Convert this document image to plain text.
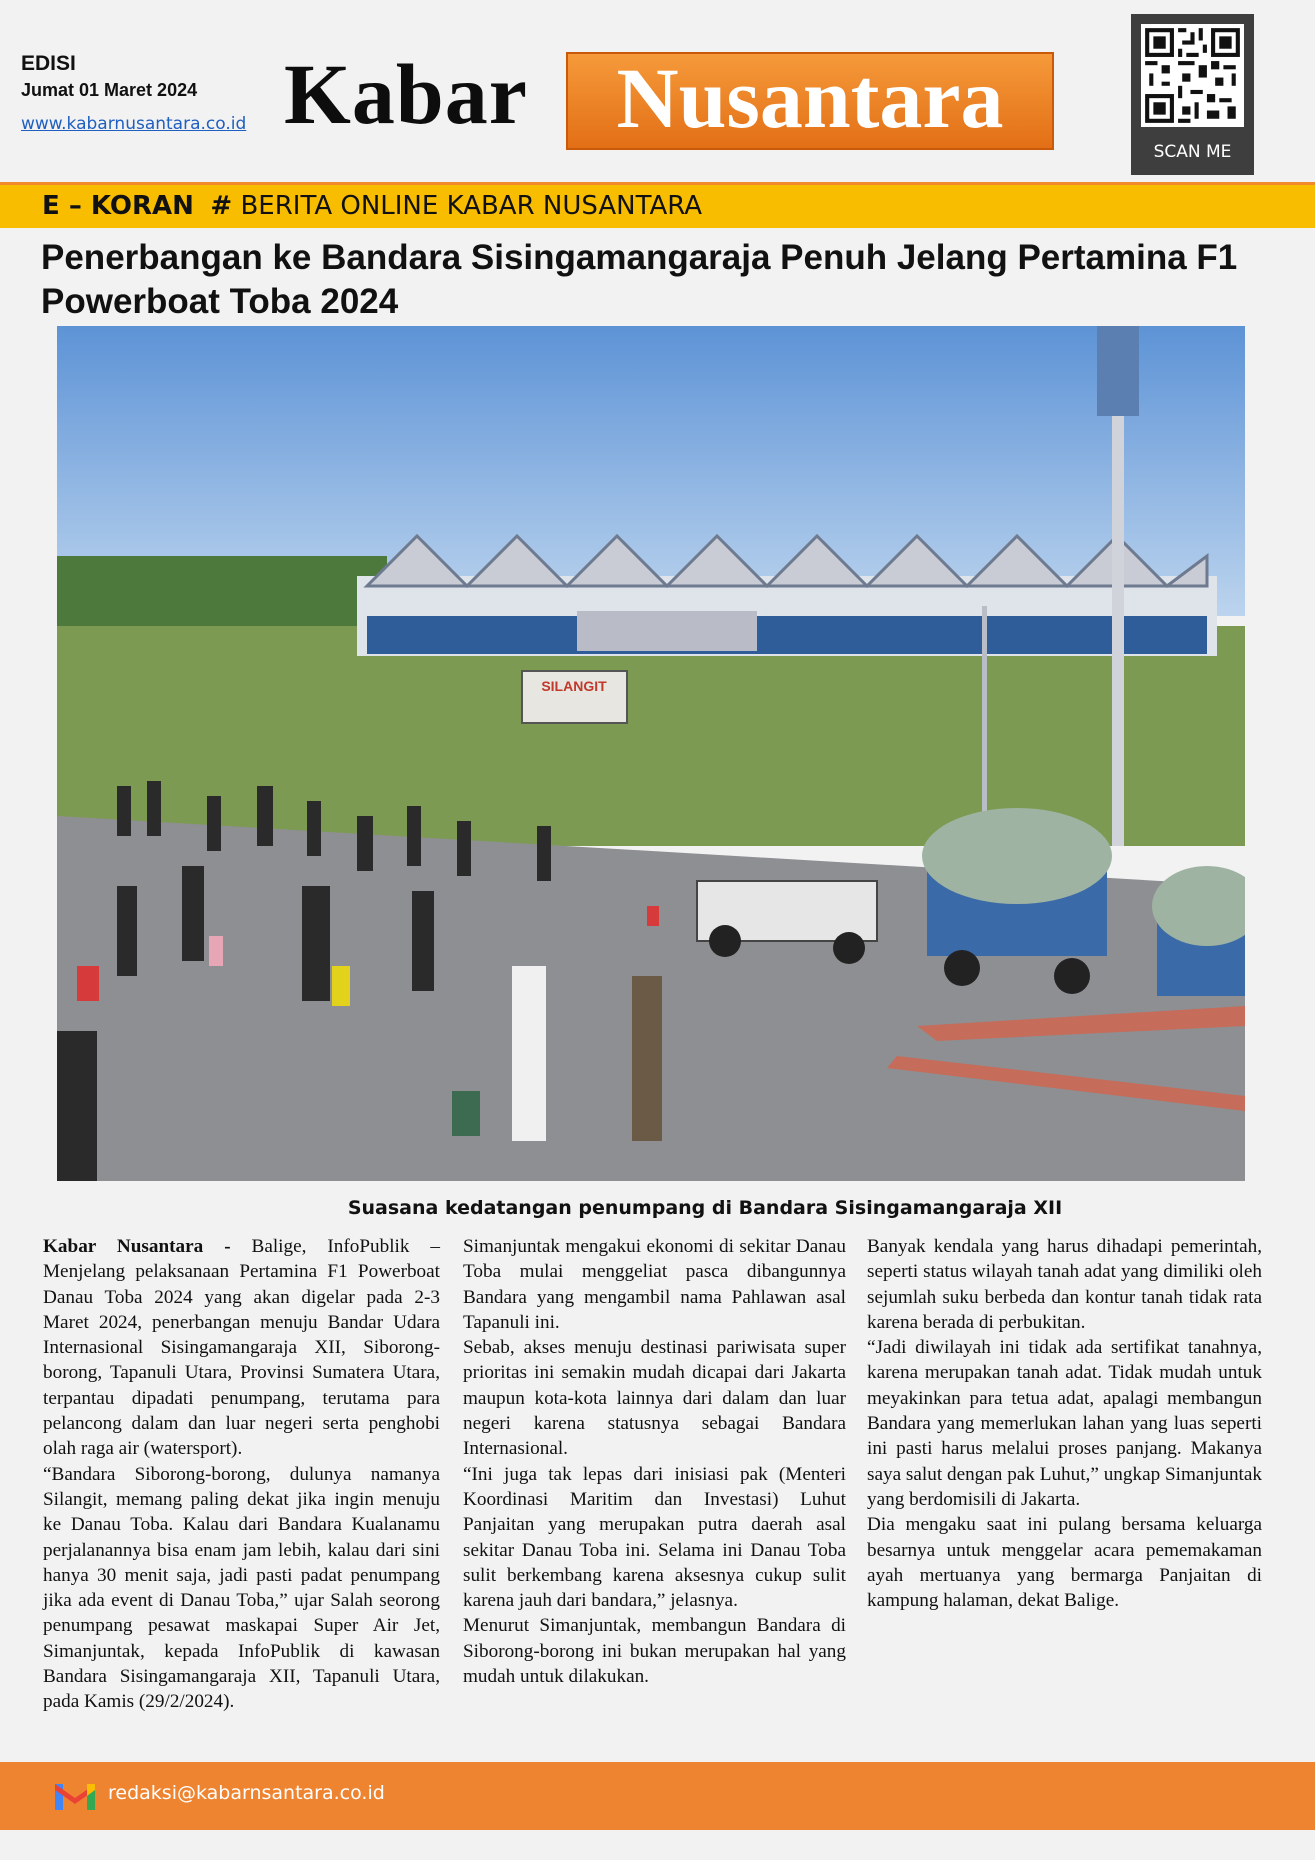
EDISI
Jumat 01 Maret 2024
www.kabarnusantara.co.id Kabar	Nusantara
SCAN ME
E – KORAN # BERITA ONLINE KABAR NUSANTARA
Penerbangan ke Bandara Sisingamangaraja Penuh Jelang Pertamina F1 Powerboat Toba 2024
SILANGIT
Suasana kedatangan penumpang di Bandara Sisingamangaraja XII

Kabar Nusantara - Balige, InfoPublik – Menjelang pelaksanaan Pertamina F1 Powerboat Danau Toba 2024 yang akan digelar pada 2-3 Maret 2024, penerbangan menuju Bandar Udara Internasional Sisingamangaraja XII, Siborong-borong, Tapanuli Utara, Provinsi Sumatera Utara, terpantau dipadati penumpang, terutama para pelancong dalam dan luar negeri serta penghobi olah raga air (watersport).

“Bandara Siborong-borong, dulunya namanya Silangit, memang paling dekat jika ingin menuju ke Danau Toba. Kalau dari Bandara Kualanamu perjalanannya bisa enam jam lebih, kalau dari sini hanya 30 menit saja, jadi pasti padat penumpang jika ada event di Danau Toba,” ujar Salah seorong penumpang pesawat maskapai Super Air Jet, Simanjuntak, kepada InfoPublik di kawasan Bandara Sisingamangaraja XII, Tapanuli Utara, pada Kamis (29/2/2024).

Simanjuntak mengakui ekonomi di sekitar Danau Toba mulai menggeliat pasca dibangunnya Bandara yang mengambil nama Pahlawan asal Tapanuli ini.

Sebab, akses menuju destinasi pariwisata super prioritas ini semakin mudah dicapai dari Jakarta maupun kota-kota lainnya dari dalam dan luar negeri karena statusnya sebagai Bandara Internasional.

“Ini juga tak lepas dari inisiasi pak (Menteri Koordinasi Maritim dan Investasi) Luhut Panjaitan yang merupakan putra daerah asal sekitar Danau Toba ini. Selama ini Danau Toba sulit berkembang karena aksesnya cukup sulit karena jauh dari bandara,” jelasnya.

Menurut Simanjuntak, membangun Bandara di Siborong-borong ini bukan merupakan hal yang mudah untuk dilakukan.

Banyak kendala yang harus dihadapi pemerintah, seperti status wilayah tanah adat yang dimiliki oleh sejumlah suku berbeda dan kontur tanah tidak rata karena berada di perbukitan.

“Jadi diwilayah ini tidak ada sertifikat tanahnya, karena merupakan tanah adat. Tidak mudah untuk meyakinkan para tetua adat, apalagi membangun Bandara yang memerlukan lahan yang luas seperti ini pasti harus melalui proses panjang. Makanya saya salut dengan pak Luhut,” ungkap Simanjuntak yang berdomisili di Jakarta.

Dia mengaku saat ini pulang bersama keluarga besarnya untuk menggelar acara pememakaman ayah mertuanya yang bermarga Panjaitan di kampung halaman, dekat Balige.

redaksi@kabarnsantara.co.id
